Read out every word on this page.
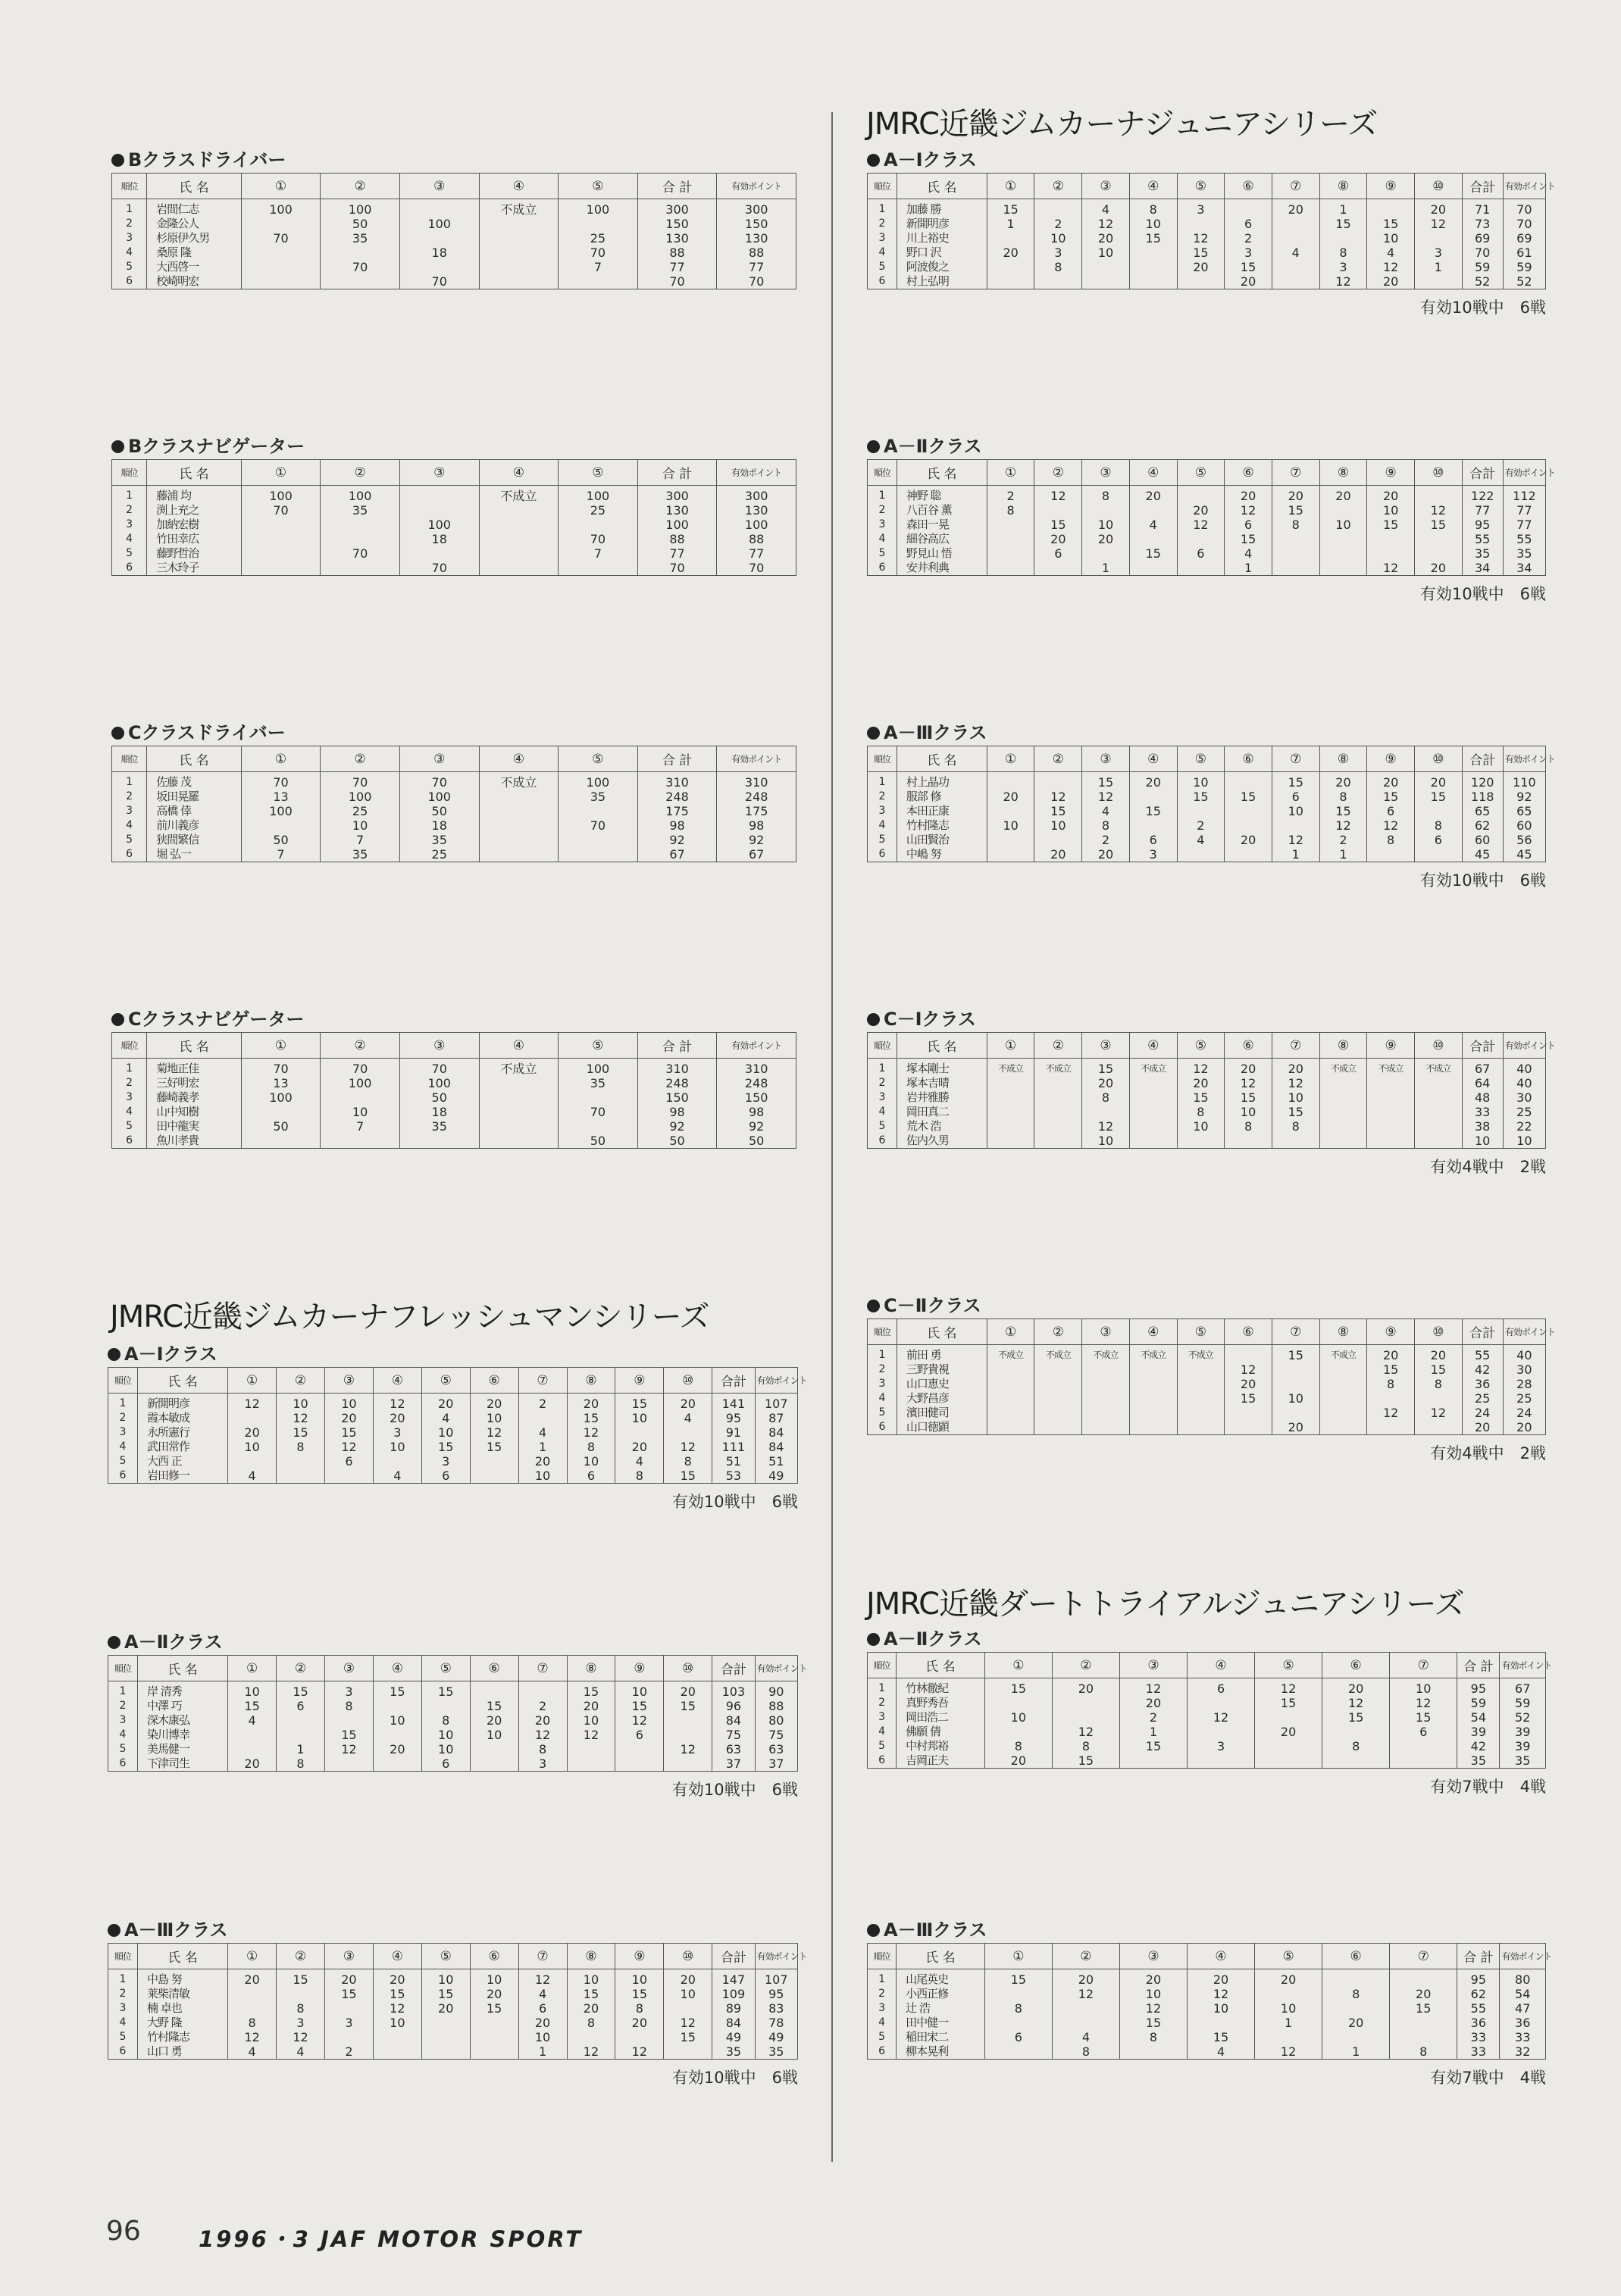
JMRC近畿ジムカーナジュニアシリーズ
JMRC近畿ジムカーナフレッシュマンシリーズ
JMRC近畿ダートトライアルジュニアシリーズ
Bクラスドライバー
順位	氏 名	①	②	③	④	⑤	合 計	有効ポイント
1	岩間仁志	100	100		不成立	100	300	300
2	金隆公人		50	100			150	150
3	杉原伊久男	70	35			25	130	130
4	桑原 隆			18		70	88	88
5	大西啓一		70			7	77	77
6	校崎明宏			70			70	70
Bクラスナビゲーター
順位	氏 名	①	②	③	④	⑤	合 計	有効ポイント
1	藤浦 均	100	100		不成立	100	300	300
2	渕上充之	70	35			25	130	130
3	加納宏樹			100			100	100
4	竹田幸広			18		70	88	88
5	藤野哲治		70			7	77	77
6	三木玲子			70			70	70
Cクラスドライバー
順位	氏 名	①	②	③	④	⑤	合 計	有効ポイント
1	佐藤 茂	70	70	70	不成立	100	310	310
2	坂田晃羅	13	100	100		35	248	248
3	高橋 倖	100	25	50			175	175
4	前川義彦		10	18		70	98	98
5	狭間繁信	50	7	35			92	92
6	堀 弘一	7	35	25			67	67
Cクラスナビゲーター
順位	氏 名	①	②	③	④	⑤	合 計	有効ポイント
1	菊地正佳	70	70	70	不成立	100	310	310
2	三好明宏	13	100	100		35	248	248
3	藤崎義孝	100		50			150	150
4	山中知樹		10	18		70	98	98
5	田中龍実	50	7	35			92	92
6	魚川孝貴					50	50	50
A－Ⅰクラス
順位	氏 名	①	②	③	④	⑤	⑥	⑦	⑧	⑨	⑩	合計	有効ポイント
1	新開明彦	12	10	10	12	20	20	2	20	15	20	141	107
2	霞本敏成		12	20	20	4	10		15	10	4	95	87
3	永所憲行	20	15	15	3	10	12	4	12			91	84
4	武田常作	10	8	12	10	15	15	1	8	20	12	111	84
5	大西 正			6		3		20	10	4	8	51	51
6	岩田修一	4			4	6		10	6	8	15	53	49
有効10戦中　6戦
A－Ⅱクラス
順位	氏 名	①	②	③	④	⑤	⑥	⑦	⑧	⑨	⑩	合計	有効ポイント
1	岸 清秀	10	15	3	15	15			15	10	20	103	90
2	中澤 巧	15	6	8			15	2	20	15	15	96	88
3	深木康弘	4			10	8	20	20	10	12		84	80
4	染川博幸			15		10	10	12	12	6		75	75
5	美馬健一		1	12	20	10		8			12	63	63
6	下津司生	20	8			6		3				37	37
有効10戦中　6戦
A－Ⅲクラス
順位	氏 名	①	②	③	④	⑤	⑥	⑦	⑧	⑨	⑩	合計	有効ポイント
1	中島 努	20	15	20	20	10	10	12	10	10	20	147	107
2	莱柴清敏			15	15	15	20	4	15	15	10	109	95
3	楠 卓也		8		12	20	15	6	20	8		89	83
4	大野 隆	8	3	3	10			20	8	20	12	84	78
5	竹村隆志	12	12					10			15	49	49
6	山口 勇	4	4	2				1	12	12		35	35
有効10戦中　6戦
A－Ⅰクラス
順位	氏 名	①	②	③	④	⑤	⑥	⑦	⑧	⑨	⑩	合計	有効ポイント
1	加藤 勝	15		4	8	3		20	1		20	71	70
2	新開明彦	1	2	12	10		6		15	15	12	73	70
3	川上裕史		10	20	15	12	2			10		69	69
4	野口 沢	20	3	10		15	3	4	8	4	3	70	61
5	阿波俊之		8			20	15		3	12	1	59	59
6	村上弘明						20		12	20		52	52
有効10戦中　6戦
A－Ⅱクラス
順位	氏 名	①	②	③	④	⑤	⑥	⑦	⑧	⑨	⑩	合計	有効ポイント
1	神野 聡	2	12	8	20		20	20	20	20		122	112
2	八百谷 薫	8				20	12	15		10	12	77	77
3	森田一晃		15	10	4	12	6	8	10	15	15	95	77
4	細谷高広		20	20			15					55	55
5	野見山 悟		6		15	6	4					35	35
6	安井利典			1			1			12	20	34	34
有効10戦中　6戦
A－Ⅲクラス
順位	氏 名	①	②	③	④	⑤	⑥	⑦	⑧	⑨	⑩	合計	有効ポイント
1	村上晶功			15	20	10		15	20	20	20	120	110
2	服部 修	20	12	12		15	15	6	8	15	15	118	92
3	本田正康		15	4	15			10	15	6		65	65
4	竹村隆志	10	10	8		2			12	12	8	62	60
5	山田賢治			2	6	4	20	12	2	8	6	60	56
6	中嶋 努		20	20	3			1	1			45	45
有効10戦中　6戦
C－Ⅰクラス
順位	氏 名	①	②	③	④	⑤	⑥	⑦	⑧	⑨	⑩	合計	有効ポイント
1	塚本剛士	不成立	不成立	15	不成立	12	20	20	不成立	不成立	不成立	67	40
2	塚本吉晴			20		20	12	12				64	40
3	岩井雅勝			8		15	15	10				48	30
4	岡田真二					8	10	15				33	25
5	荒木 浩			12		10	8	8				38	22
6	佐内久男			10								10	10
有効4戦中　2戦
C－Ⅱクラス
順位	氏 名	①	②	③	④	⑤	⑥	⑦	⑧	⑨	⑩	合計	有効ポイント
1	前田 勇	不成立	不成立	不成立	不成立	不成立		15	不成立	20	20	55	40
2	三野貴視						12			15	15	42	30
3	山口恵史						20			8	8	36	28
4	大野昌彦						15	10				25	25
5	濱田健司									12	12	24	24
6	山口徳顕							20				20	20
有効4戦中　2戦
A－Ⅱクラス
順位	氏 名	①	②	③	④	⑤	⑥	⑦	合 計	有効ポイント
1	竹林徹紀	15	20	12	6	12	20	10	95	67
2	真野秀吾			20		15	12	12	59	59
3	岡田浩二	10		2	12		15	15	54	52
4	佛願 倩		12	1		20		6	39	39
5	中村邦裕	8	8	15	3		8		42	39
6	吉岡正夫	20	15						35	35
有効7戦中　4戦
A－Ⅲクラス
順位	氏 名	①	②	③	④	⑤	⑥	⑦	合 計	有効ポイント
1	山尾英史	15	20	20	20	20			95	80
2	小西正修		12	10	12		8	20	62	54
3	辻 浩	8		12	10	10		15	55	47
4	田中健一			15		1	20		36	36
5	稲田宋二	6	4	8	15				33	33
6	柳本晃利		8		4	12	1	8	33	32
有効7戦中　4戦
96	1996・3 JAF MOTOR SPORT
